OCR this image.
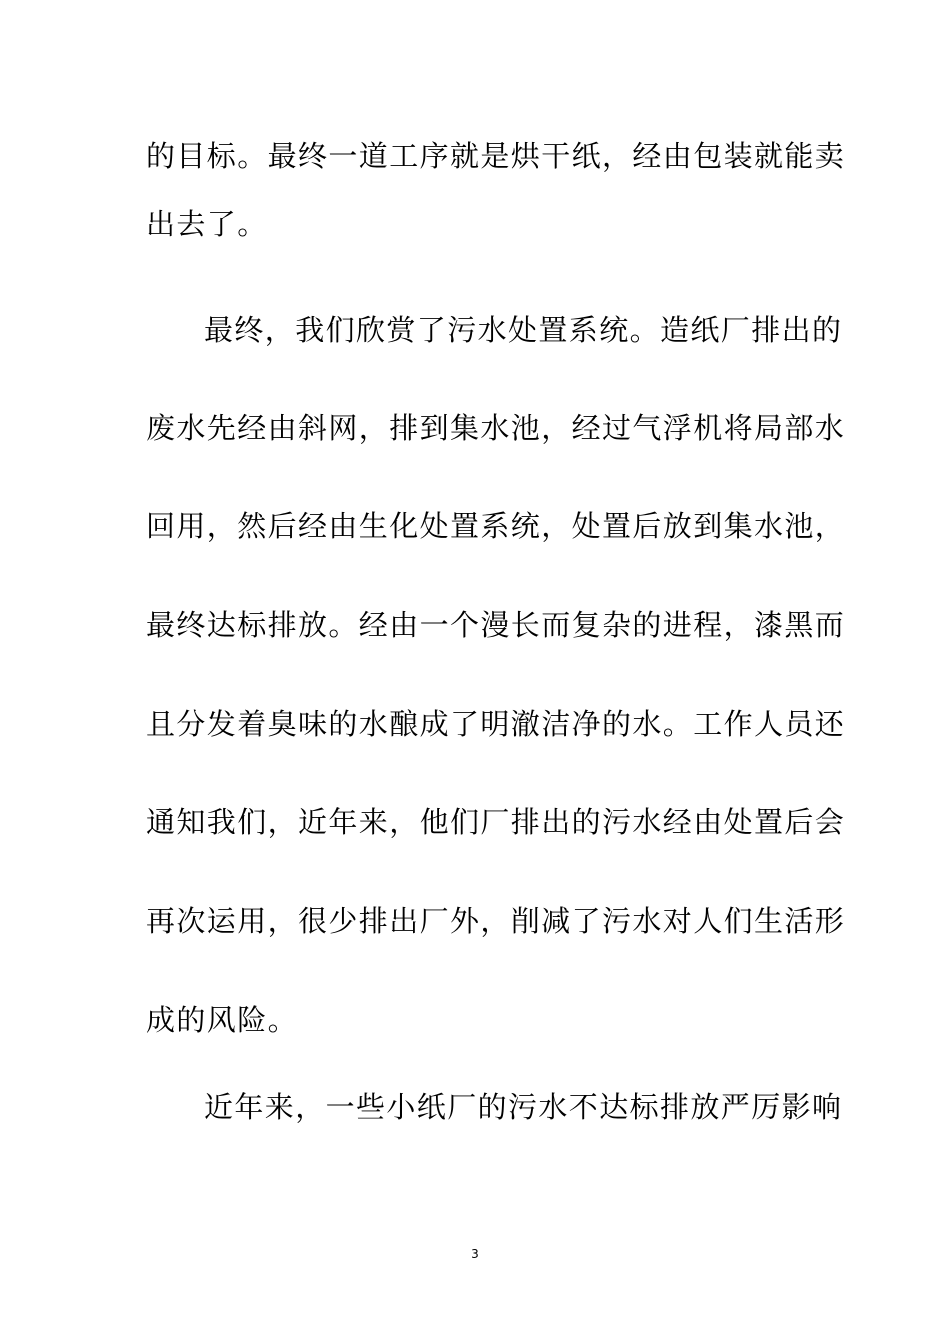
的目标。最终一道工序就是烘干纸，经由包装就能卖
出去了。
最终，我们欣赏了污水处置系统。造纸厂排出的
废水先经由斜网，排到集水池，经过气浮机将局部水
回用，然后经由生化处置系统，处置后放到集水池，
最终达标排放。经由一个漫长而复杂的进程，漆黑而
且分发着臭味的水酿成了明澈洁净的水。工作人员还
通知我们，近年来，他们厂排出的污水经由处置后会
再次运用，很少排出厂外，削减了污水对人们生活形
成的风险。
近年来，一些小纸厂的污水不达标排放严厉影响
3
